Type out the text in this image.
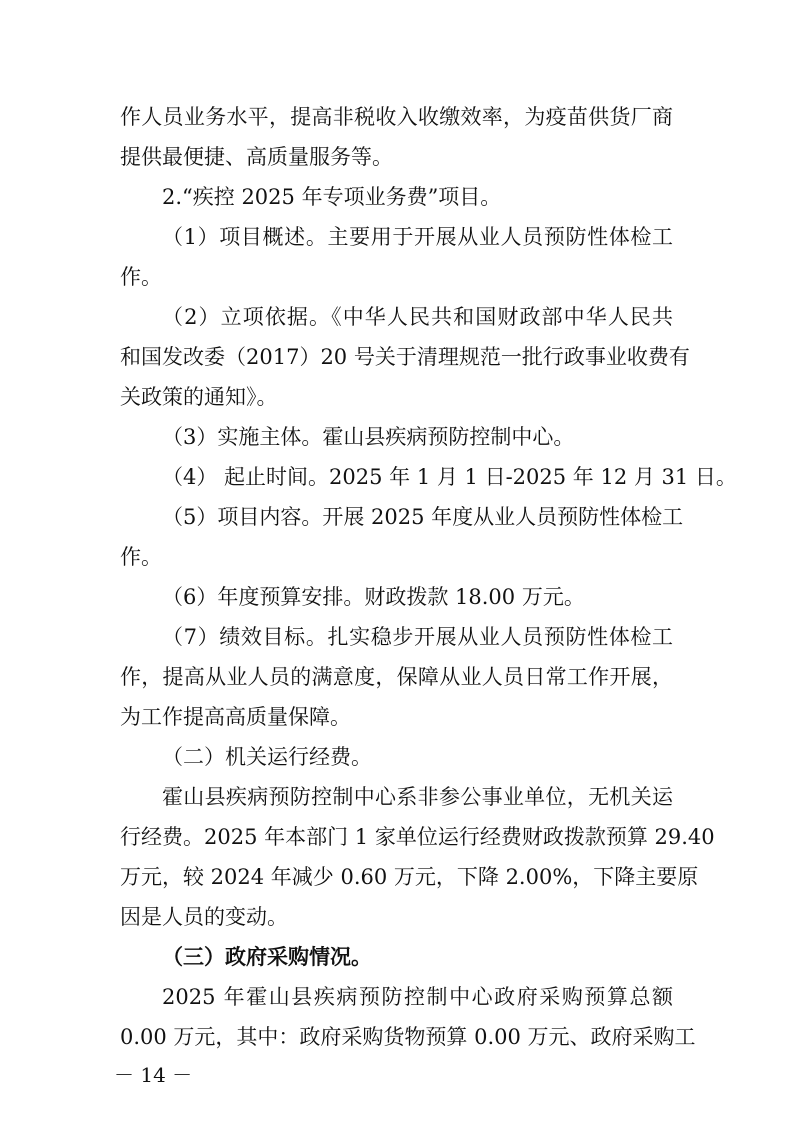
作人员业务水平，提高非税收入收缴效率，为疫苗供货厂商
提供最便捷、高质量服务等。
2.“疾控 2025 年专项业务费”项目。
（1）项目概述。主要用于开展从业人员预防性体检工
作。
（2）立项依据。《中华人民共和国财政部中华人民共
和国发改委（2017）20 号关于清理规范一批行政事业收费有
关政策的通知》。
（3）实施主体。霍山县疾病预防控制中心。
（4） 起止时间。2025 年 1 月 1 日-2025 年 12 月 31 日。
（5）项目内容。开展 2025 年度从业人员预防性体检工
作。
（6）年度预算安排。财政拨款 18.00 万元。
（7）绩效目标。扎实稳步开展从业人员预防性体检工
作，提高从业人员的满意度，保障从业人员日常工作开展，
为工作提高高质量保障。
（二）机关运行经费。
霍山县疾病预防控制中心系非参公事业单位，无机关运
行经费。2025 年本部门 1 家单位运行经费财政拨款预算 29.40
万元，较 2024 年减少 0.60 万元，下降 2.00%，下降主要原
因是人员的变动。
（三）政府采购情况。
2025 年霍山县疾病预防控制中心政府采购预算总额
0.00 万元，其中：政府采购货物预算 0.00 万元、政府采购工
－ 14 －
